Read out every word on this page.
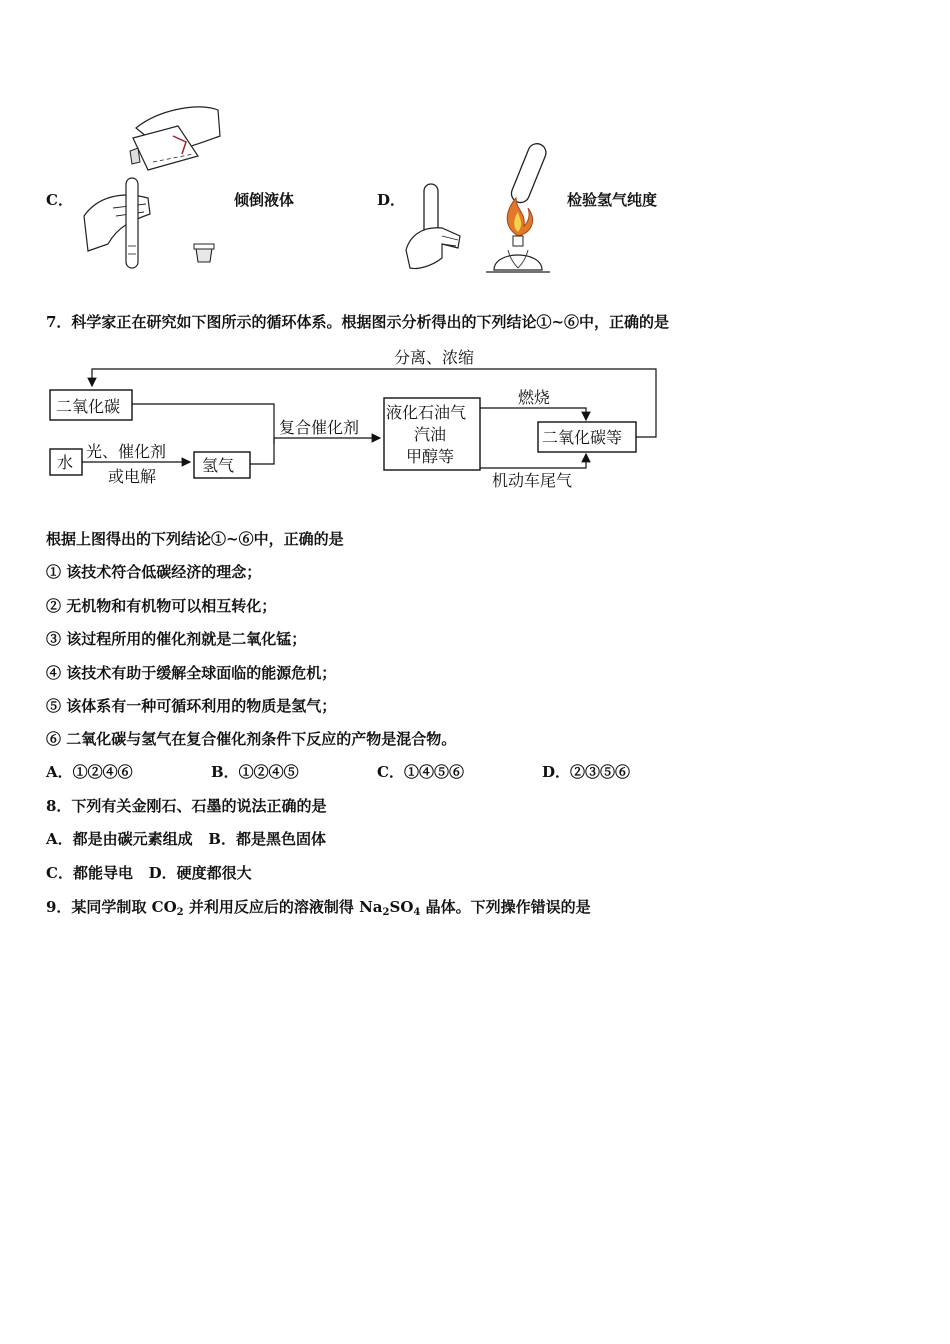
C．	倾倒液体	D．	检验氢气纯度
7．科学家正在研究如下图所示的循环体系。根据图示分析得出的下列结论①~⑥中，正确的是
分离、浓缩
二氧化碳
水
光、催化剂
或电解
氢气
复合催化剂
液化石油气
汽油
甲醇等
燃烧
机动车尾气
二氧化碳等
根据上图得出的下列结论①~⑥中，正确的是
① 该技术符合低碳经济的理念；
② 无机物和有机物可以相互转化；
③ 该过程所用的催化剂就是二氧化锰；
④ 该技术有助于缓解全球面临的能源危机；
⑤ 该体系有一种可循环利用的物质是氢气；
⑥ 二氧化碳与氢气在复合催化剂条件下反应的产物是混合物。
A．①②④⑥	B．①②④⑤	C．①④⑤⑥	D．②③⑤⑥
8．下列有关金刚石、石墨的说法正确的是
A．都是由碳元素组成   B．都是黑色固体
C．都能导电   D．硬度都很大
9．某同学制取 $CO_2$ 并利用反应后的溶液制得 $Na_2SO_4$ 晶体。下列操作错误的是
